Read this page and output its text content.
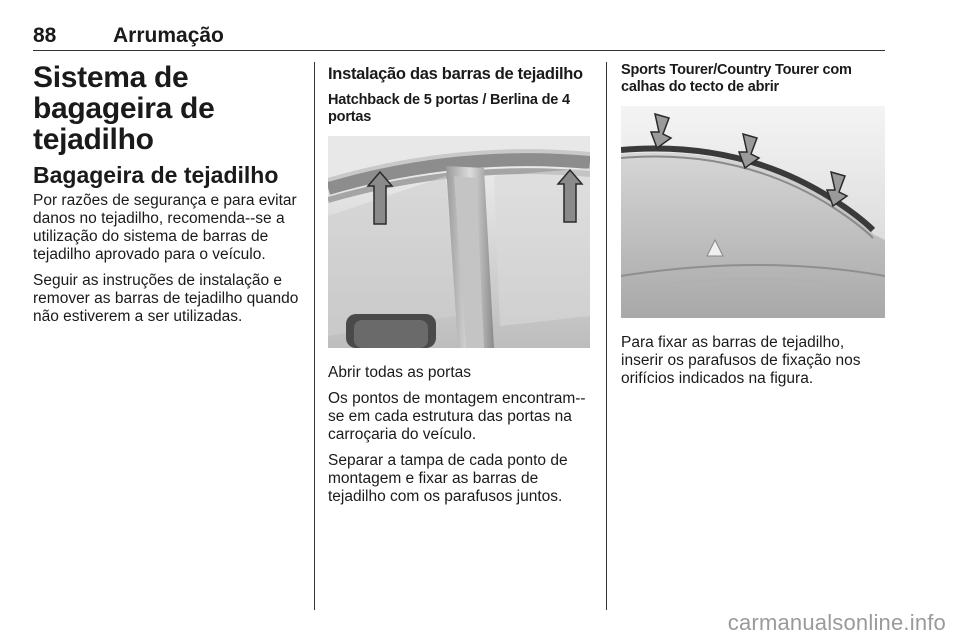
88	Arrumação
Sistema de bagageira de tejadilho
Bagageira de tejadilho

Por razões de segurança e para evitar danos no tejadilho, recomenda--se a utilização do sistema de barras de tejadilho aprovado para o veículo.

Seguir as instruções de instalação e remover as barras de tejadilho quando não estiverem a ser utilizadas.

Instalação das barras de tejadilho
Hatchback de 5 portas / Berlina de 4 portas

Abrir todas as portas

Os pontos de montagem encontram--se em cada estrutura das portas na carroçaria do veículo.

Separar a tampa de cada ponto de montagem e fixar as barras de tejadilho com os parafusos juntos.

Sports Tourer/Country Tourer com calhas do tecto de abrir

Para fixar as barras de tejadilho, inserir os parafusos de fixação nos orifícios indicados na figura.

carmanualsonline.info
